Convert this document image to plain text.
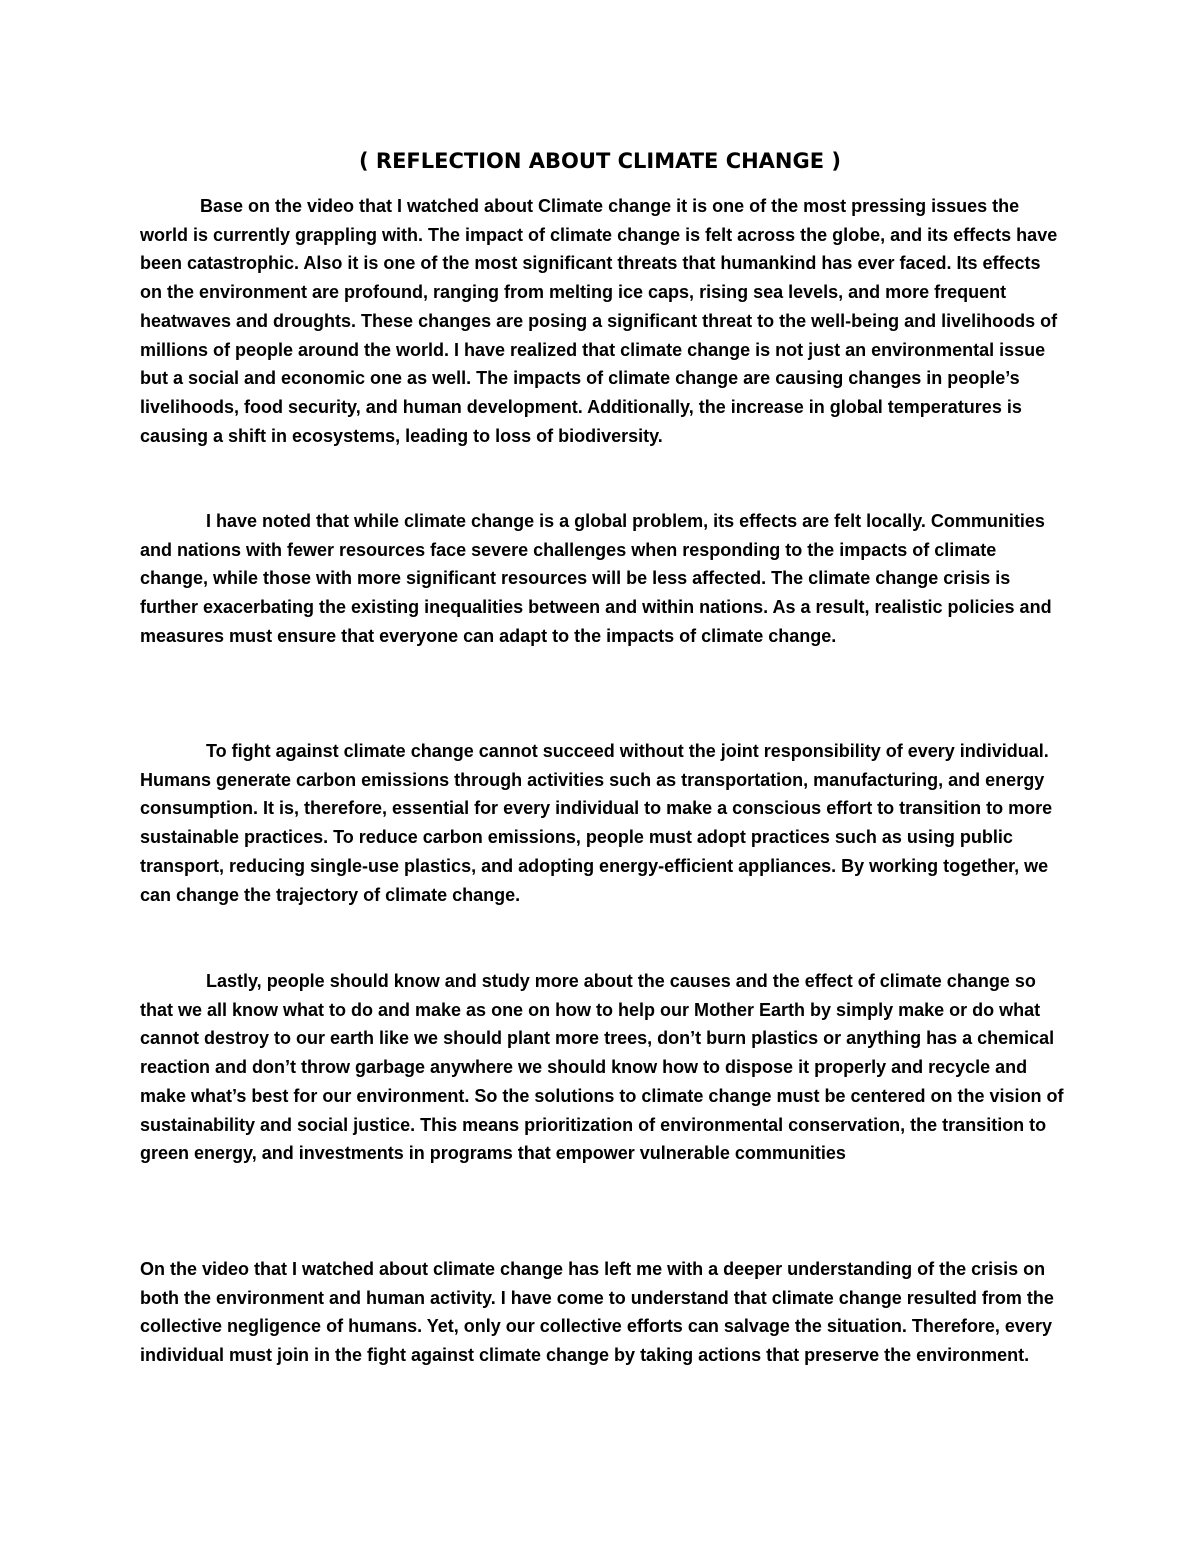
( REFLECTION ABOUT CLIMATE CHANGE )

Base on the video that I watched about Climate change it is one of the most pressing issues the world is currently grappling with. The impact of climate change is felt across the globe, and its effects have been catastrophic. Also it is one of the most significant threats that humankind has ever faced. Its effects on the environment are profound, ranging from melting ice caps, rising sea levels, and more frequent heatwaves and droughts. These changes are posing a significant threat to the well-being and livelihoods of millions of people around the world. I have realized that climate change is not just an environmental issue but a social and economic one as well. The impacts of climate change are causing changes in people’s livelihoods, food security, and human development. Additionally, the increase in global temperatures is causing a shift in ecosystems, leading to loss of biodiversity.

I have noted that while climate change is a global problem, its effects are felt locally. Communities and nations with fewer resources face severe challenges when responding to the impacts of climate change, while those with more significant resources will be less affected. The climate change crisis is further exacerbating the existing inequalities between and within nations. As a result, realistic policies and measures must ensure that everyone can adapt to the impacts of climate change.

To fight against climate change cannot succeed without the joint responsibility of every individual. Humans generate carbon emissions through activities such as transportation, manufacturing, and energy consumption. It is, therefore, essential for every individual to make a conscious effort to transition to more sustainable practices. To reduce carbon emissions, people must adopt practices such as using public transport, reducing single-use plastics, and adopting energy-efficient appliances. By working together, we can change the trajectory of climate change.

Lastly, people should know and study more about the causes and the effect of climate change so that we all know what to do and make as one on how to help our Mother Earth by simply make or do what cannot destroy to our earth like we should plant more trees, don’t burn plastics or anything has a chemical reaction and don’t throw garbage anywhere we should know how to dispose it properly and recycle and make what’s best for our environment. So the solutions to climate change must be centered on the vision of sustainability and social justice. This means prioritization of environmental conservation, the transition to green energy, and investments in programs that empower vulnerable communities

On the video that I watched about climate change has left me with a deeper understanding of the crisis on both the environment and human activity. I have come to understand that climate change resulted from the collective negligence of humans. Yet, only our collective efforts can salvage the situation. Therefore, every individual must join in the fight against climate change by taking actions that preserve the environment.
